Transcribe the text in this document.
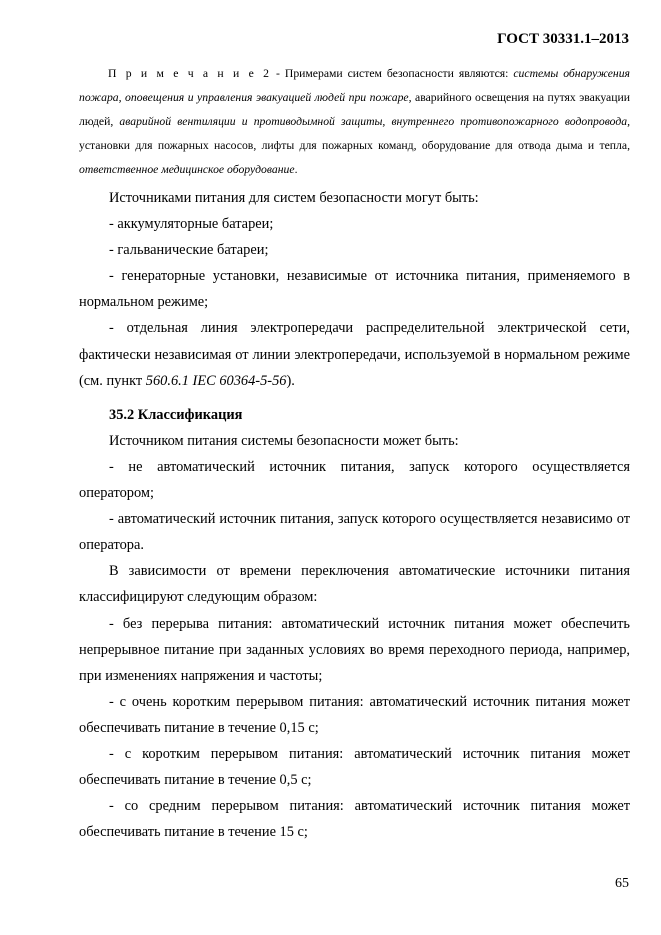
ГОСТ 30331.1–2013

П р и м е ч а н и е 2 - Примерами систем безопасности являются: системы обнаружения пожара, оповещения и управления эвакуацией людей при пожаре, аварийного освещения на путях эвакуации людей, аварийной вентиляции и противодымной защиты, внутреннего противопожарного водопровода, установки для пожарных насосов, лифты для пожарных команд, оборудование для отвода дыма и тепла, ответственное медицинское оборудование.

Источниками питания для систем безопасности могут быть:

- аккумуляторные батареи;

- гальванические батареи;

- генераторные установки, независимые от источника питания, применяемого в нормальном режиме;

- отдельная линия электропередачи распределительной электрической сети, фактически независимая от линии электропередачи, используемой в нормальном режиме (см. пункт 560.6.1 IEC 60364-5-56).

35.2 Классификация

Источником питания системы безопасности может быть:

- не автоматический источник питания, запуск которого осуществляется оператором;

- автоматический источник питания, запуск которого осуществляется независимо от оператора.

В зависимости от времени переключения автоматические источники питания классифицируют следующим образом:

- без перерыва питания: автоматический источник питания может обеспечить непрерывное питание при заданных условиях во время переходного периода, например, при изменениях напряжения и частоты;

- с очень коротким перерывом питания: автоматический источник питания может обеспечивать питание в течение 0,15 с;

- с коротким перерывом питания: автоматический источник питания может обеспечивать питание в течение 0,5 с;

- со средним перерывом питания: автоматический источник питания может обеспечивать питание в течение 15 с;

65
